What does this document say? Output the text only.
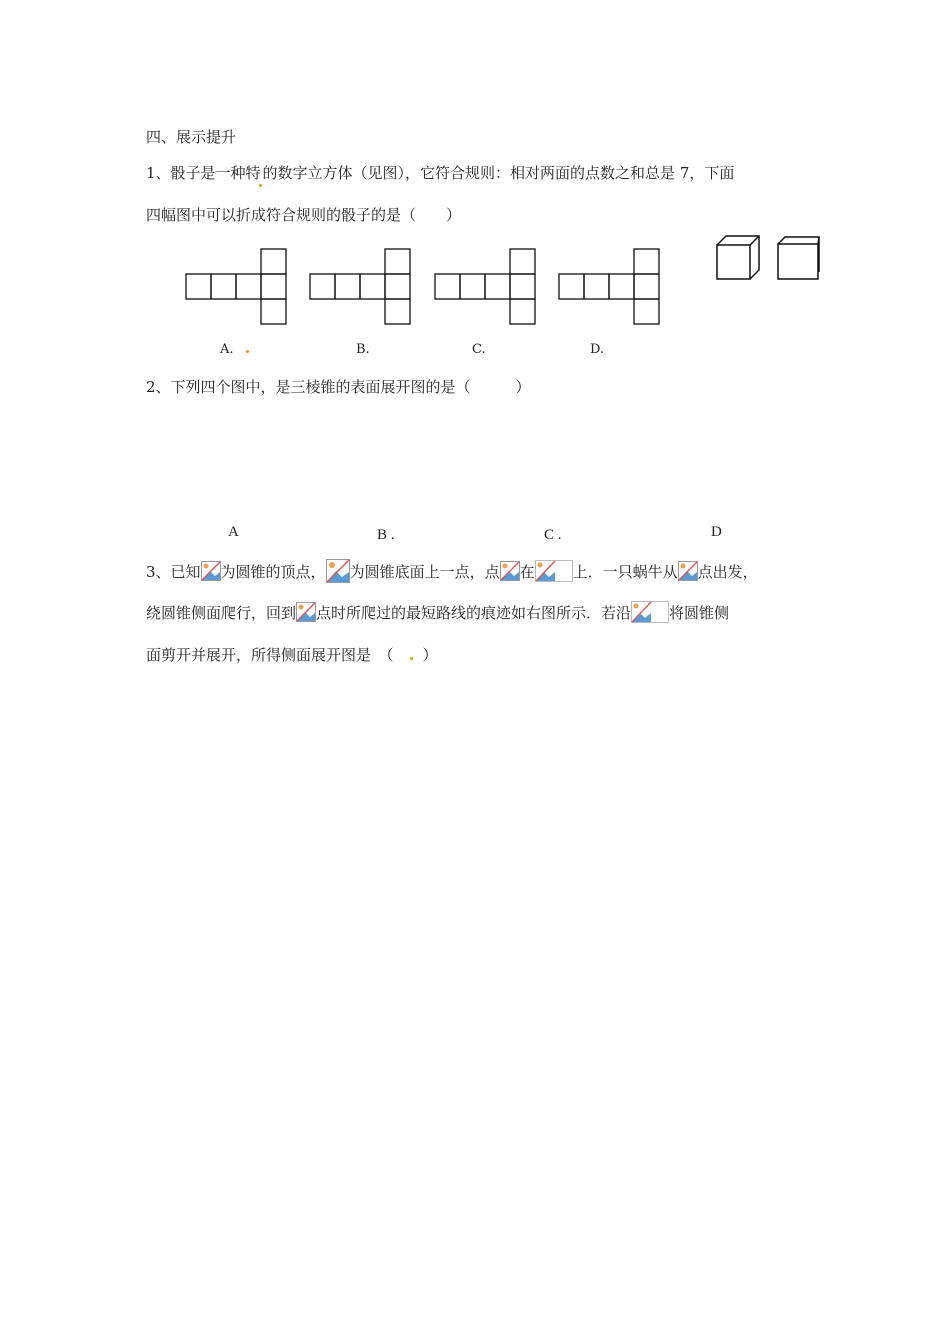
四、展示提升
1、骰子是一种特 的数字立方体（见图），它符合规则：相对两面的点数之和总是 7，下面
四幅图中可以折成符合规则的骰子的是（　　）
A.	B.	C.	D.
2、下列四个图中，是三棱锥的表面展开图的是（　　　）
A	B .	C .	D
3、已知 为圆锥的顶点， 为圆锥底面上一点，点 在	上．一只蜗牛从 点出发，
绕圆锥侧面爬行，回到 点时所爬过的最短路线的痕迹如右图所示．若沿	将圆锥侧
面剪开并展开，所得侧面展开图是　（ ）
